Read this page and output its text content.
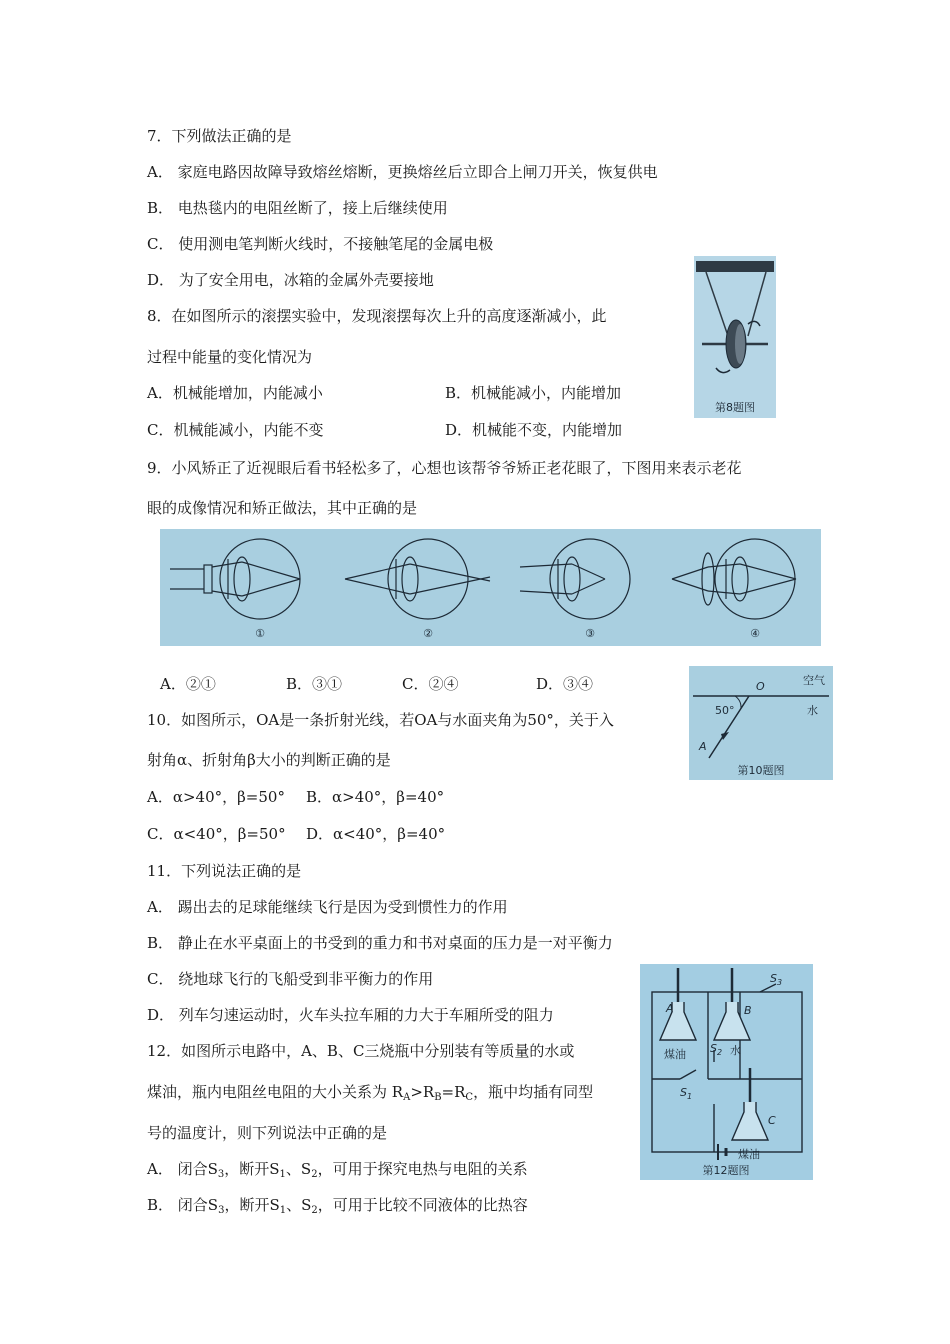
7．下列做法正确的是
A． 家庭电路因故障导致熔丝熔断，更换熔丝后立即合上闸刀开关，恢复供电
B． 电热毯内的电阻丝断了，接上后继续使用
C． 使用测电笔判断火线时，不接触笔尾的金属电极
D． 为了安全用电，冰箱的金属外壳要接地
8．在如图所示的滚摆实验中，发现滚摆每次上升的高度逐渐减小，此
过程中能量的变化情况为
A．机械能增加，内能减小	B．机械能减小，内能增加
C．机械能减小，内能不变	D．机械能不变，内能增加
第8题图
9．小风矫正了近视眼后看书轻松多了，心想也该帮爷爷矫正老花眼了，下图用来表示老花
眼的成像情况和矫正做法，其中正确的是
①	②	③	④
A．②①	B．③①	C．②④	D．③④	O	空气
水
50°
A
第10题图
10．如图所示，OA是一条折射光线，若OA与水面夹角为50°，关于入
射角α、折射角β大小的判断正确的是
A．α>40°，β=50° B．α>40°，β=40°
C．α<40°，β=50° D．α<40°，β=40°
11．下列说法正确的是
A． 踢出去的足球能继续飞行是因为受到惯性力的作用
B． 静止在水平桌面上的书受到的重力和书对桌面的压力是一对平衡力
C． 绕地球飞行的飞船受到非平衡力的作用
D． 列车匀速运动时，火车头拉车厢的力大于车厢所受的阻力	A	B
C
$S_3$
$S_2$
$S_1$
煤油	水
煤油
第12题图
12．如图所示电路中，A、B、C三烧瓶中分别装有等质量的水或
煤油，瓶内电阻丝电阻的大小关系为 $R_A>R_B=R_C$，瓶中均插有同型
号的温度计，则下列说法中正确的是
A． 闭合$S_3$，断开$S_1$、$S_2$，可用于探究电热与电阻的关系
B． 闭合$S_3$，断开$S_1$、$S_2$，可用于比较不同液体的比热容
